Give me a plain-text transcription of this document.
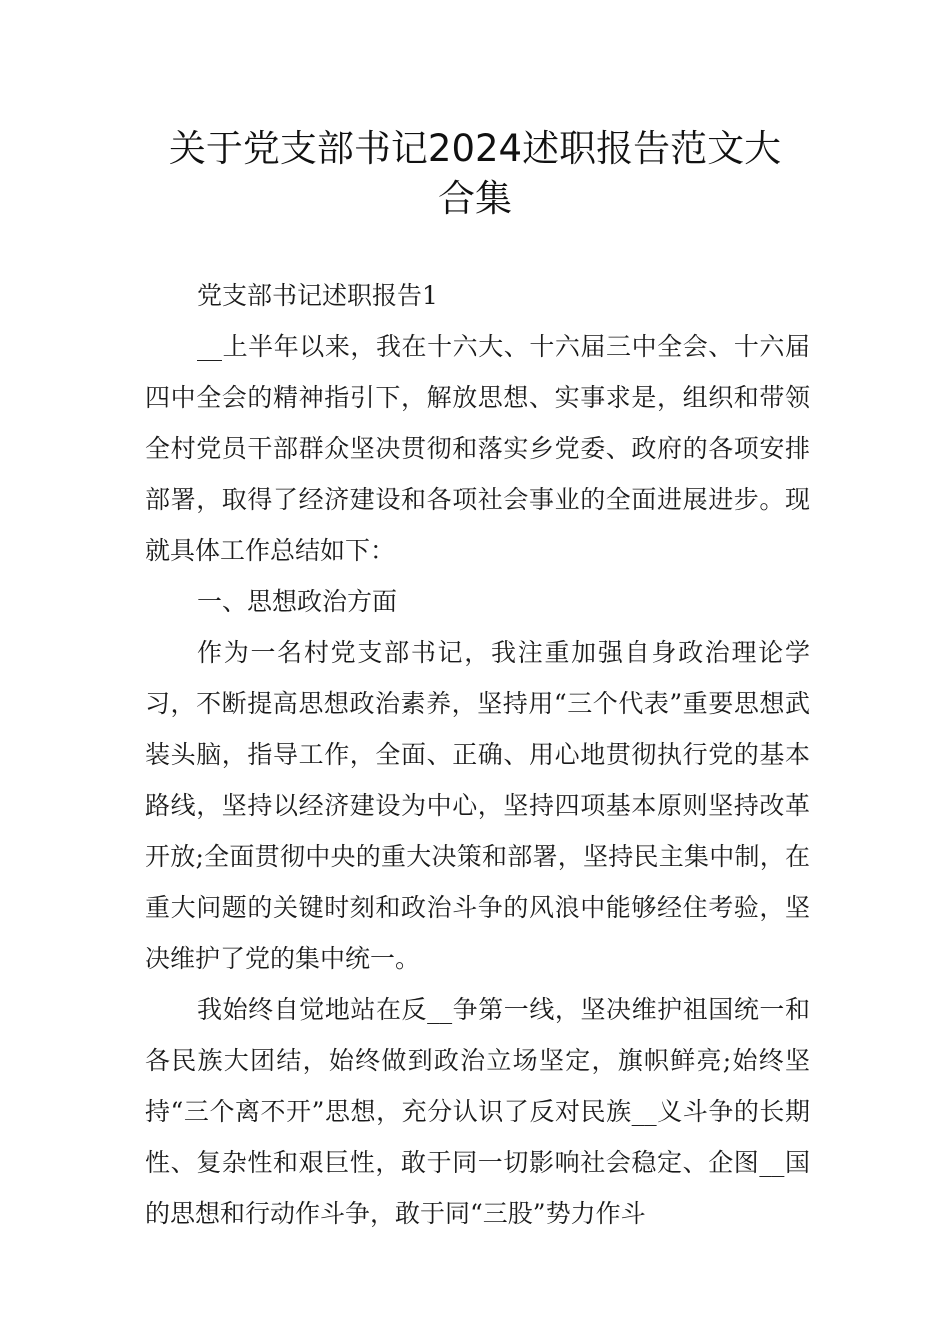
关于党支部书记2024述职报告范文大
合集

党支部书记述职报告1

__上半年以来，我在十六大、十六届三中全会、十六届四中全会的精神指引下，解放思想、实事求是，组织和带领全村党员干部群众坚决贯彻和落实乡党委、政府的各项安排部署，取得了经济建设和各项社会事业的全面进展进步。现就具体工作总结如下：

一、思想政治方面

作为一名村党支部书记，我注重加强自身政治理论学习，不断提高思想政治素养，坚持用“三个代表”重要思想武装头脑，指导工作，全面、正确、用心地贯彻执行党的基本路线，坚持以经济建设为中心，坚持四项基本原则坚持改革开放;全面贯彻中央的重大决策和部署，坚持民主集中制，在重大问题的关键时刻和政治斗争的风浪中能够经住考验，坚决维护了党的集中统一。

我始终自觉地站在反__争第一线，坚决维护祖国统一和各民族大团结，始终做到政治立场坚定，旗帜鲜亮;始终坚持“三个离不开”思想，充分认识了反对民族__义斗争的长期性、复杂性和艰巨性，敢于同一切影响社会稳定、企图__国的思想和行动作斗争，敢于同“三股”势力作斗
